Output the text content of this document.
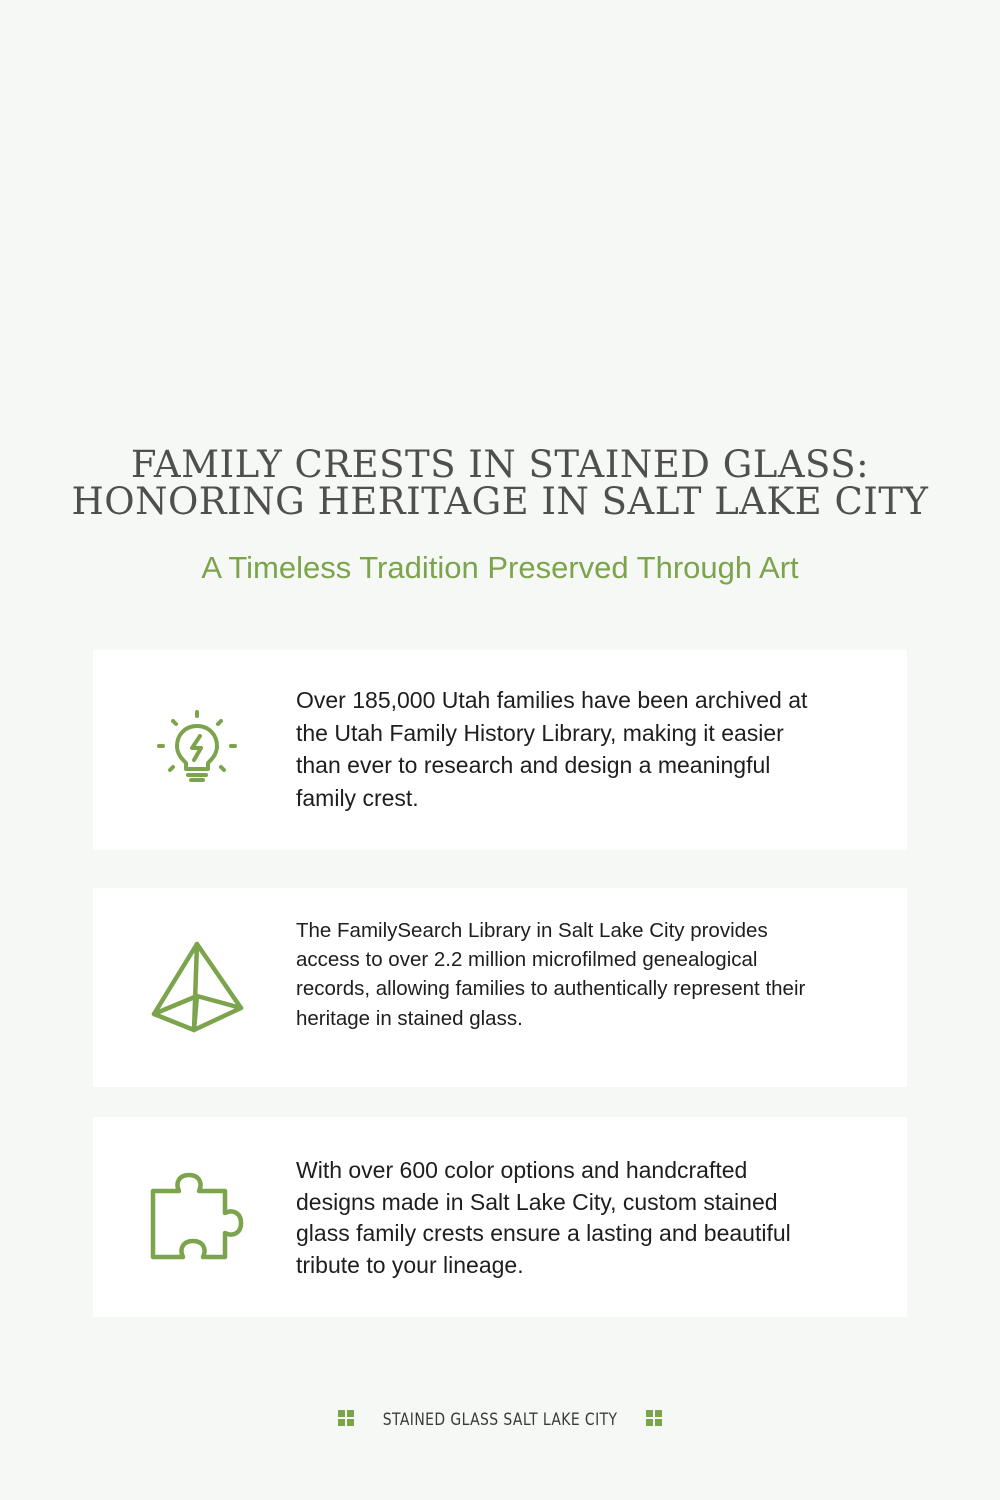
FAMILY CRESTS IN STAINED GLASS:
HONORING HERITAGE IN SALT LAKE CITY
A Timeless Tradition Preserved Through Art
Over 185,000 Utah families have been archived at the Utah Family History Library, making it easier than ever to research and design a meaningful family crest.
The FamilySearch Library in Salt Lake City provides access to over 2.2 million microfilmed genealogical records, allowing families to authentically represent their heritage in stained glass.
With over 600 color options and handcrafted designs made in Salt Lake City, custom stained glass family crests ensure a lasting and beautiful tribute to your lineage.
STAINED GLASS SALT LAKE CITY
